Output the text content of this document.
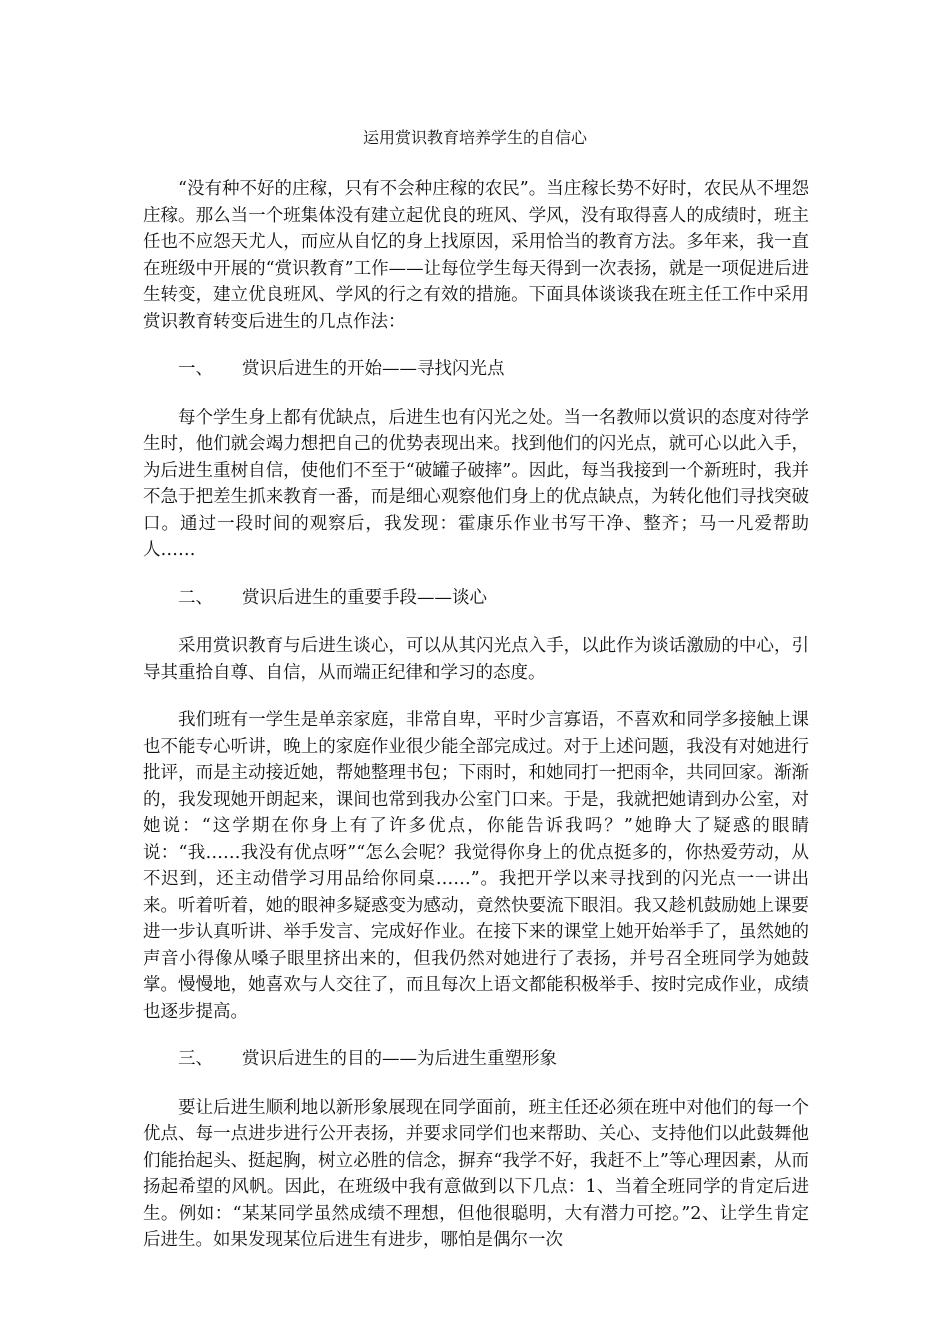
运用赏识教育培养学生的自信心

“没有种不好的庄稼，只有不会种庄稼的农民”。当庄稼长势不好时，农民从不埋怨庄稼。那么当一个班集体没有建立起优良的班风、学风，没有取得喜人的成绩时，班主任也不应怨天尤人，而应从自忆的身上找原因，采用恰当的教育方法。多年来，我一直在班级中开展的“赏识教育”工作——让每位学生每天得到一次表扬，就是一项促进后进生转变，建立优良班风、学风的行之有效的措施。下面具体谈谈我在班主任工作中采用赏识教育转变后进生的几点作法：

一、	赏识后进生的开始——寻找闪光点

每个学生身上都有优缺点，后进生也有闪光之处。当一名教师以赏识的态度对待学生时，他们就会竭力想把自己的优势表现出来。找到他们的闪光点，就可心以此入手，为后进生重树自信，使他们不至于“破罐子破摔”。因此，每当我接到一个新班时，我并不急于把差生抓来教育一番，而是细心观察他们身上的优点缺点，为转化他们寻找突破口。通过一段时间的观察后，我发现：霍康乐作业书写干净、整齐；马一凡爱帮助人……

二、	赏识后进生的重要手段——谈心

采用赏识教育与后进生谈心，可以从其闪光点入手，以此作为谈话激励的中心，引导其重拾自尊、自信，从而端正纪律和学习的态度。

我们班有一学生是单亲家庭，非常自卑，平时少言寡语，不喜欢和同学多接触上课也不能专心听讲，晚上的家庭作业很少能全部完成过。对于上述问题，我没有对她进行批评，而是主动接近她，帮她整理书包；下雨时，和她同打一把雨伞，共同回家。渐渐的，我发现她开朗起来，课间也常到我办公室门口来。于是，我就把她请到办公室，对她说：“这学期在你身上有了许多优点，你能告诉我吗？”她睁大了疑惑的眼睛说：“我……我没有优点呀”“怎么会呢？我觉得你身上的优点挺多的，你热爱劳动，从不迟到，还主动借学习用品给你同桌……”。我把开学以来寻找到的闪光点一一讲出来。听着听着，她的眼神多疑惑变为感动，竟然快要流下眼泪。我又趁机鼓励她上课要进一步认真听讲、举手发言、完成好作业。在接下来的课堂上她开始举手了，虽然她的声音小得像从嗓子眼里挤出来的，但我仍然对她进行了表扬，并号召全班同学为她鼓掌。慢慢地，她喜欢与人交往了，而且每次上语文都能积极举手、按时完成作业，成绩也逐步提高。

三、	赏识后进生的目的——为后进生重塑形象

要让后进生顺利地以新形象展现在同学面前，班主任还必须在班中对他们的每一个优点、每一点进步进行公开表扬，并要求同学们也来帮助、关心、支持他们以此鼓舞他们能抬起头、挺起胸，树立必胜的信念，摒弃“我学不好，我赶不上”等心理因素，从而扬起希望的风帆。因此，在班级中我有意做到以下几点：1、当着全班同学的肯定后进生。例如：“某某同学虽然成绩不理想，但他很聪明，大有潜力可挖。”2、让学生肯定后进生。如果发现某位后进生有进步，哪怕是偶尔一次
